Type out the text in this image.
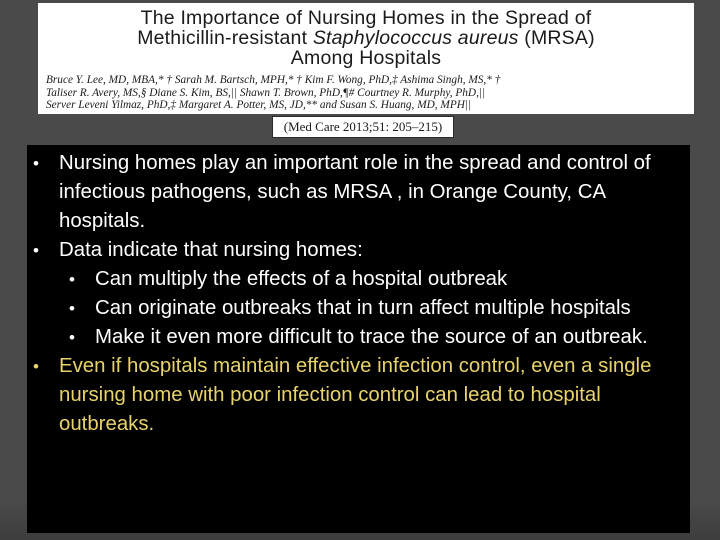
The Importance of Nursing Homes in the Spread of
Methicillin-resistant Staphylococcus aureus (MRSA)
Among Hospitals
Bruce Y. Lee, MD, MBA,* † Sarah M. Bartsch, MPH,* † Kim F. Wong, PhD,‡ Ashima Singh, MS,* †
Taliser R. Avery, MS,§ Diane S. Kim, BS,|| Shawn T. Brown, PhD,¶# Courtney R. Murphy, PhD,||
Server Leveni Yilmaz, PhD,‡ Margaret A. Potter, MS, JD,** and Susan S. Huang, MD, MPH||
(Med Care 2013;51: 205–215)
• Nursing homes play an important role in the spread and control of infectious pathogens, such as MRSA , in Orange County, CA hospitals.
• Data indicate that nursing homes:
• Can multiply the effects of a hospital outbreak
• Can originate outbreaks that in turn affect multiple hospitals
• Make it even more difficult to trace the source of an outbreak.
• Even if hospitals maintain effective infection control, even a single nursing home with poor infection control can lead to hospital outbreaks.
